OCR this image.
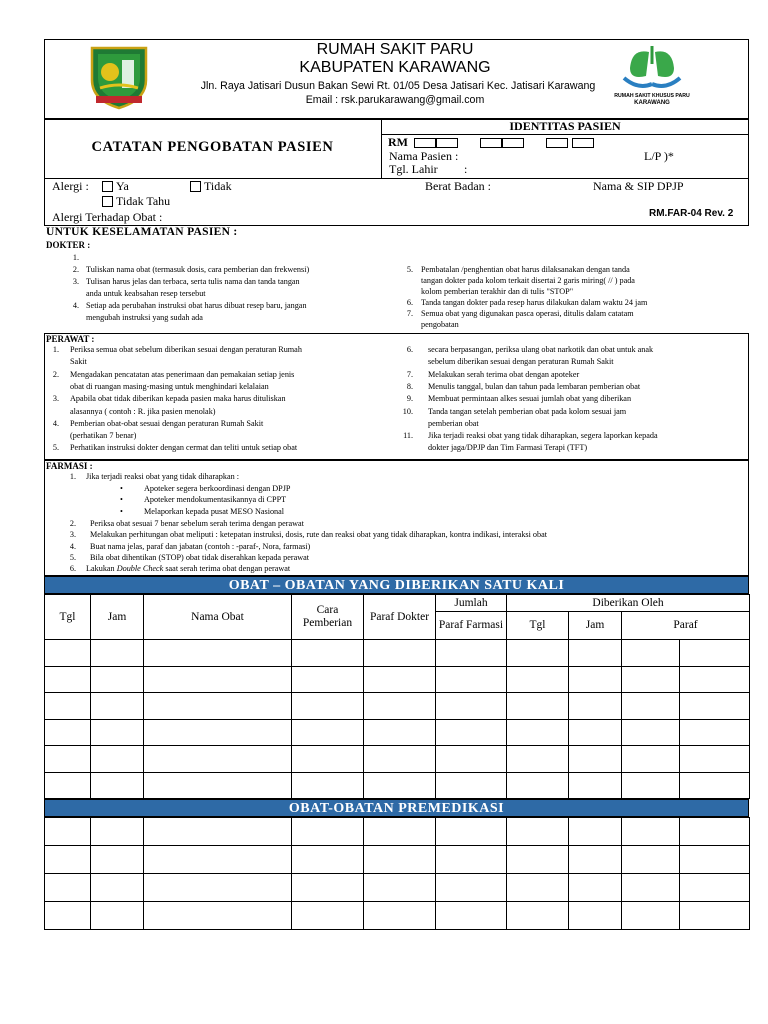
RUMAH SAKIT PARU
KABUPATEN KARAWANG
Jln. Raya Jatisari Dusun Bakan Sewi Rt. 01/05 Desa Jatisari Kec. Jatisari Karawang
Email : rsk.parukarawang@gmail.com	RUMAH SAKIT KHUSUS PARU
KARAWANG
CATATAN PENGOBATAN PASIEN
IDENTITAS PASIEN
RM
Nama Pasien :	L/P )*
Tgl. Lahir :
Alergi : Ya	Tidak
Tidak Tahu
Alergi Terhadap Obat :
Berat Badan :	Nama & SIP DPJP
RM.FAR-04 Rev. 2
UNTUK KESELAMATAN PASIEN :
DOKTER :
1.
2. Tuliskan nama obat (termasuk dosis, cara pemberian dan frekwensi)
3. Tulisan harus jelas dan terbaca, serta tulis nama dan tanda tangan
anda untuk keabsahan resep tersebut
4. Setiap ada perubahan instruksi obat harus dibuat resep baru, jangan
mengubah instruksi yang sudah ada
5. Pembatalan /penghentian obat harus dilaksanakan dengan tanda
tangan dokter pada kolom terkait disertai 2 garis miring( // ) pada
kolom pemberian terakhir dan di tulis "STOP"
6. Tanda tangan dokter pada resep harus dilakukan dalam waktu 24 jam
7. Semua obat yang digunakan pasca operasi, ditulis dalam catatam
pengobatan
PERAWAT :
1. Periksa semua obat sebelum diberikan sesuai dengan peraturan Rumah
Sakit
2. Mengadakan pencatatan atas penerimaan dan pemakaian setiap jenis
obat di ruangan masing-masing untuk menghindari kelalaian
3. Apabila obat tidak diberikan kepada pasien maka harus dituliskan
alasannya ( contoh : R. jika pasien menolak)
4. Pemberian obat-obat sesuai dengan peraturan Rumah Sakit
(perhatikan 7 benar)
5. Perhatikan instruksi dokter dengan cermat dan teliti untuk setiap obat
6. secara berpasangan, periksa ulang obat narkotik dan obat untuk anak
sebelum diberikan sesuai dengan peraturan Rumah Sakit
7. Melakukan serah terima obat dengan apoteker
8. Menulis tanggal, bulan dan tahun pada lembaran pemberian obat
9. Membuat permintaan alkes sesuai jumlah obat yang diberikan
10. Tanda tangan setelah pemberian obat pada kolom sesuai jam
pemberian obat
11. Jika terjadi reaksi obat yang tidak diharapkan, segera laporkan kepada
dokter jaga/DPJP dan Tim Farmasi Terapi (TFT)
FARMASI :
1. Jika terjadi reaksi obat yang tidak diharapkan :
•	Apoteker segera berkoordinasi dengan DPJP
•	Apoteker mendokumentasikannya di CPPT
•	Melaporkan kepada pusat MESO Nasional
2. Periksa obat sesuai 7 benar sebelum serah terima dengan perawat
3. Melakukan perhitungan obat meliputi : ketepatan instruksi, dosis, rute dan reaksi obat yang tidak diharapkan, kontra indikasi, interaksi obat
4. Buat nama jelas, paraf dan jabatan (contoh : -paraf-, Nora, farmasi)
5. Bila obat dihentikan (STOP) obat tidak diserahkan kepada perawat
6. Lakukan Double Check saat serah terima obat dengan perawat
OBAT – OBATAN YANG DIBERIKAN SATU KALI
Tgl	Jam	Nama Obat	Cara Pemberian	Paraf Dokter	Jumlah	Diberikan Oleh			
					Paraf Farmasi	Tgl	Jam	Paraf	

OBAT-OBATAN PREMEDIKASI
